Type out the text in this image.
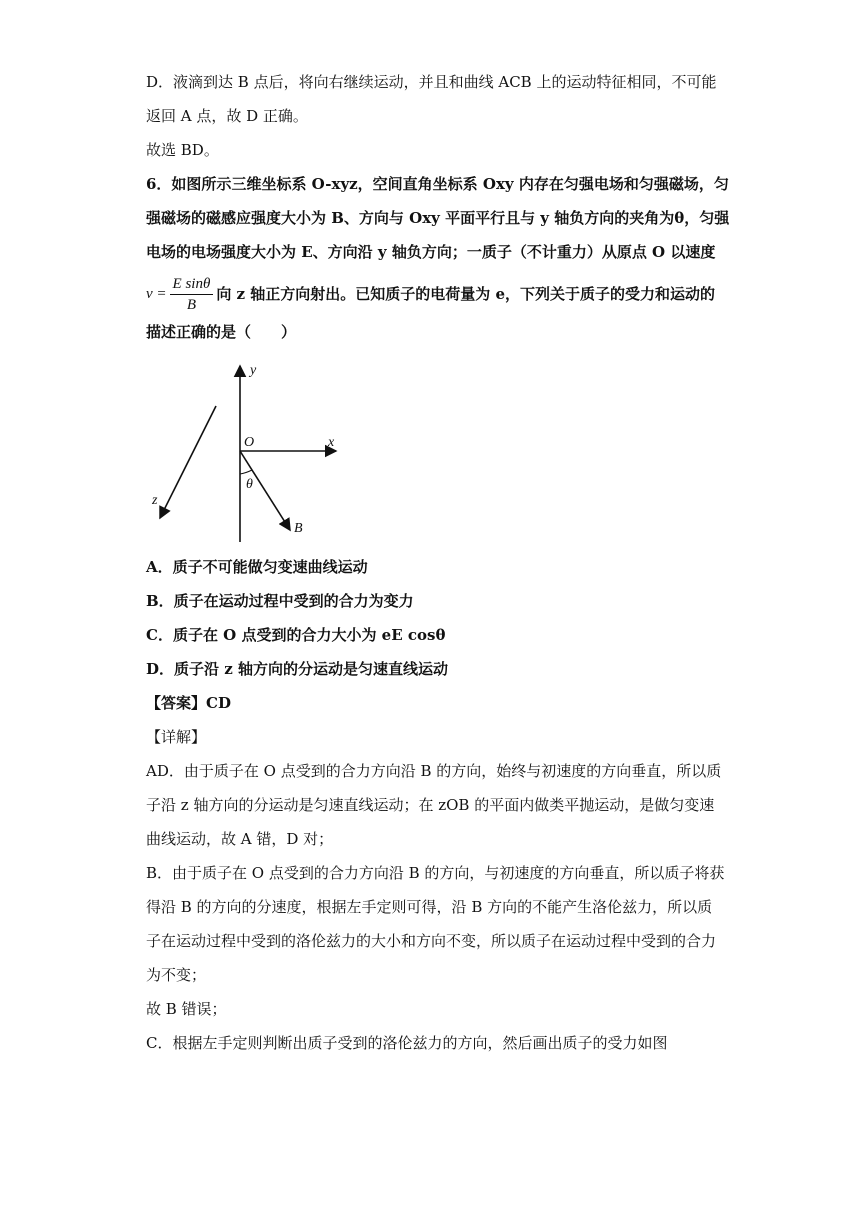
D．液滴到达 B 点后，将向右继续运动，并且和曲线 ACB 上的运动特征相同，不可能
返回 A 点，故 D 正确。
故选 BD。
6．如图所示三维坐标系 O-xyz，空间直角坐标系 Oxy 内存在匀强电场和匀强磁场，匀
强磁场的磁感应强度大小为 B、方向与 Oxy 平面平行且与 y 轴负方向的夹角为θ，匀强
电场的电场强度大小为 E、方向沿 y 轴负方向；一质子（不计重力）从原点 O 以速度
$v = \frac{\text{E sinθ}}{B}$ 向 z 轴正方向射出。已知质子的电荷量为 e，下列关于质子的受力和运动的
描述正确的是（　　）
y
x
O
z
θ
B
A．质子不可能做匀变速曲线运动
B．质子在运动过程中受到的合力为变力
C．质子在 O 点受到的合力大小为 eE cosθ
D．质子沿 z 轴方向的分运动是匀速直线运动
【答案】CD
【详解】
AD．由于质子在 O 点受到的合力方向沿 B 的方向，始终与初速度的方向垂直，所以质
子沿 z 轴方向的分运动是匀速直线运动；在 zOB 的平面内做类平抛运动，是做匀变速
曲线运动，故 A 错，D 对；
B．由于质子在 O 点受到的合力方向沿 B 的方向，与初速度的方向垂直，所以质子将获
得沿 B 的方向的分速度，根据左手定则可得，沿 B 方向的不能产生洛伦兹力，所以质
子在运动过程中受到的洛伦兹力的大小和方向不变，所以质子在运动过程中受到的合力
为不变；
故 B 错误；
C．根据左手定则判断出质子受到的洛伦兹力的方向，然后画出质子的受力如图
